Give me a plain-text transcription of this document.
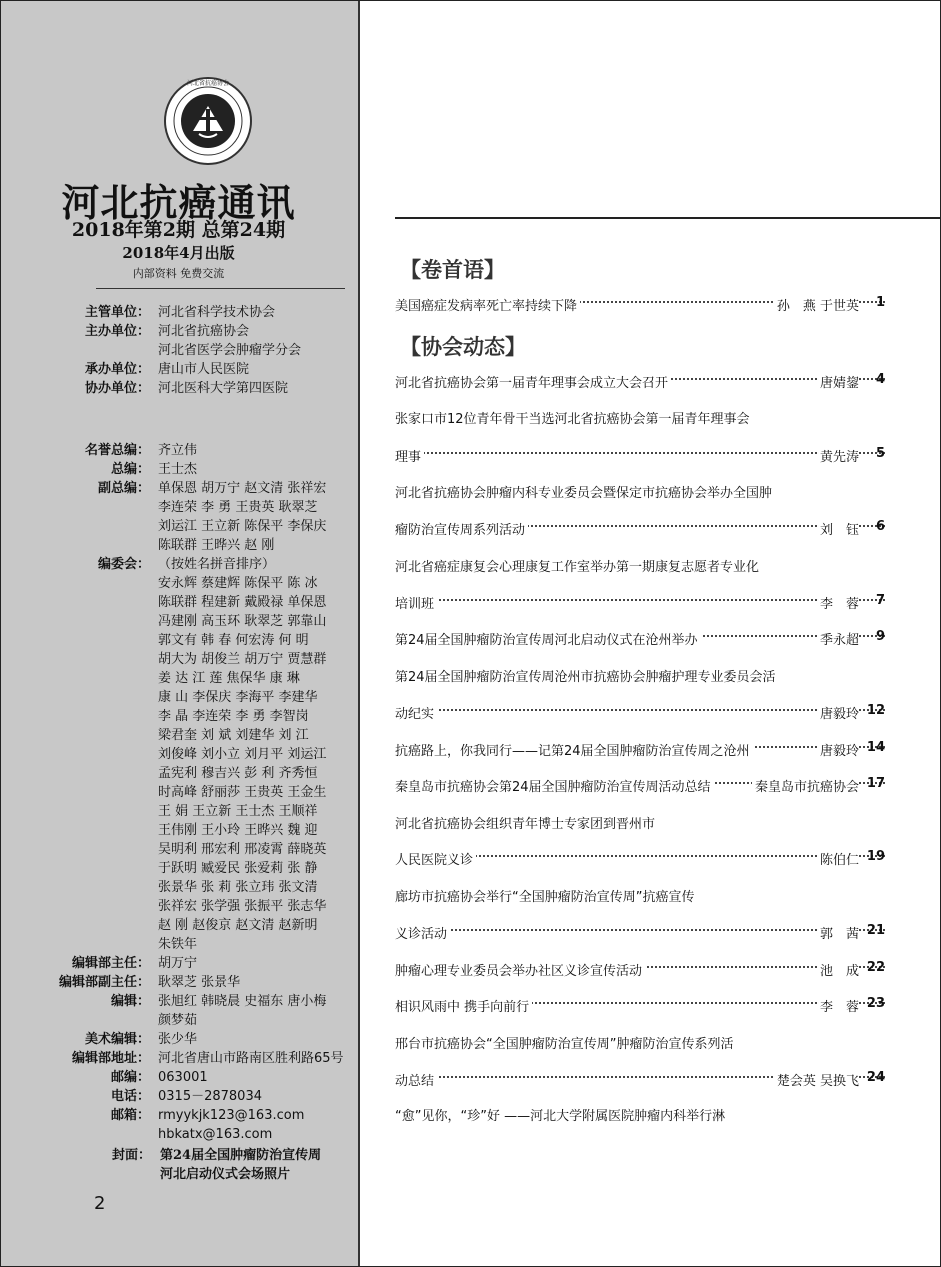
河北省抗癌协会
河北抗癌通讯
2018年第2期 总第24期
2018年4月出版
内部资料 免费交流
主管单位： 河北省科学技术协会
主办单位： 河北省抗癌协会
河北省医学会肿瘤学分会
承办单位： 唐山市人民医院
协办单位： 河北医科大学第四医院
名誉总编： 齐立伟
总编： 王士杰
副总编： 单保恩 胡万宁 赵文清 张祥宏
李连荣 李 勇 王贵英 耿翠芝
刘运江 王立新 陈保平 李保庆
陈联群 王晔兴 赵 刚
编委会： （按姓名拼音排序）
安永辉 蔡建辉 陈保平 陈 冰
陈联群 程建新 戴殿禄 单保恩
冯建刚 高玉环 耿翠芝 郭靠山
郭文有 韩 春 何宏涛 何 明
胡大为 胡俊兰 胡万宁 贾慧群
姜 达 江 莲 焦保华 康 琳
康 山 李保庆 李海平 李建华
李 晶 李连荣 李 勇 李智岗
梁君奎 刘 斌 刘建华 刘 江
刘俊峰 刘小立 刘月平 刘运江
孟宪利 穆吉兴 彭 利 齐秀恒
时高峰 舒丽莎 王贵英 王金生
王 娟 王立新 王士杰 王顺祥
王伟刚 王小玲 王晔兴 魏 迎
吴明利 邢宏利 邢凌霄 薛晓英
于跃明 臧爱民 张爱莉 张 静
张景华 张 莉 张立玮 张文清
张祥宏 张学强 张振平 张志华
赵 刚 赵俊京 赵文清 赵新明
朱铁年
编辑部主任： 胡万宁
编辑部副主任： 耿翠芝 张景华
编辑： 张旭红 韩晓晨 史福东 唐小梅
颜梦茹
美术编辑： 张少华
编辑部地址： 河北省唐山市路南区胜利路65号
邮编： 063001
电话： 0315－2878034
邮箱： rmyykjk123@163.com
hbkatx@163.com
封面： 第24届全国肿瘤防治宣传周
河北启动仪式会场照片
2
【卷首语】
【协会动态】
美国癌症发病率死亡率持续下降	孙　燕 于世英	1
河北省抗癌协会第一届青年理事会成立大会召开	唐婧鋆	4
张家口市12位青年骨干当选河北省抗癌协会第一届青年理事会
理事	黄先涛	5
河北省抗癌协会肿瘤内科专业委员会暨保定市抗癌协会举办全国肿
瘤防治宣传周系列活动	刘　钰	6
河北省癌症康复会心理康复工作室举办第一期康复志愿者专业化
培训班	李　蓉	7
第24届全国肿瘤防治宣传周河北启动仪式在沧州举办	季永超	9
第24届全国肿瘤防治宣传周沧州市抗癌协会肿瘤护理专业委员会活
动纪实	唐毅玲 12
抗癌路上，你我同行——记第24届全国肿瘤防治宣传周之沧州	唐毅玲 14
秦皇岛市抗癌协会第24届全国肿瘤防治宣传周活动总结	秦皇岛市抗癌协会 17
河北省抗癌协会组织青年博士专家团到晋州市
人民医院义诊	陈伯仁 19
廊坊市抗癌协会举行“全国肿瘤防治宣传周”抗癌宣传
义诊活动	郭　茜 21
肿瘤心理专业委员会举办社区义诊宣传活动	池　成 22
相识风雨中 携手向前行	李　蓉 23
邢台市抗癌协会“全国肿瘤防治宣传周”肿瘤防治宣传系列活
动总结	楚会英 吴换飞 24
“愈”见你，“珍”好 ——河北大学附属医院肿瘤内科举行淋
